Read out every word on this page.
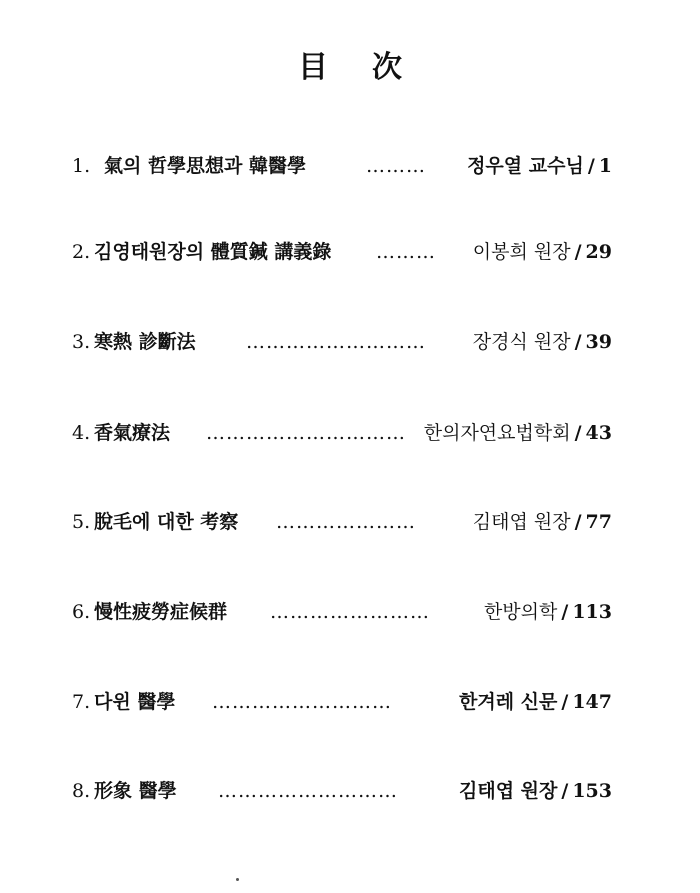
目 次
1. 氣의 哲學思想과 韓醫學	……… 정우열 교수님 / 1
2. 김영태원장의 體質鍼 講義錄 ……… 이봉희 원장 / 29
3. 寒熱 診斷法	……………………… 장경식 원장 / 39
4. 香氣療法 ………………………… 한의자연요법학회 / 43
5. 脫毛에 대한 考察 …………………	김태엽 원장 / 77
6. 慢性疲勞症候群 ……………………	한방의학 / 113
7. 다윈 醫學 ………………………	한겨레 신문 / 147
8. 形象 醫學 ………………………	김태엽 원장 / 153
